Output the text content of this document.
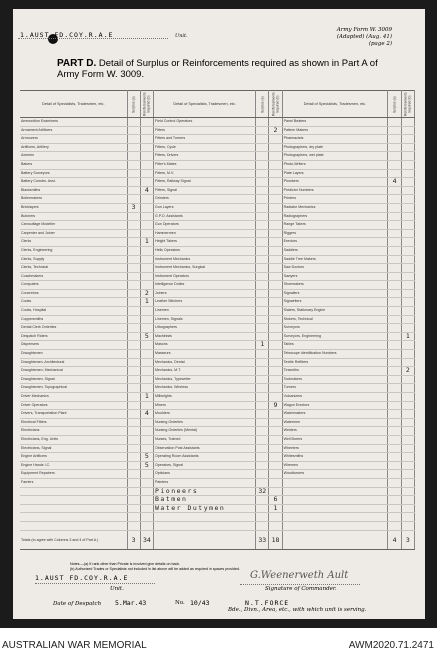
1.AUST FD.COY.R.A.E	Unit.
Army Form W. 3009
(Adapted) (Aug. 41)
(page 2)
PART D. Detail of Surplus or Reinforcements required as shown in Part A of Army Form W. 3009.
Detail of Specialists, Tradesmen, etc.	Surplus (a)	Reinforcements required (b)	Detail of Specialists, Tradesmen, etc.	Surplus (a)	Reinforcements required (b)	Detail of Specialists, Tradesmen, etc.	Surplus (a)	Reinforcements required (b)
Ammunition Examiners			Field Control Operators			Panel Beaters		
Armament Artificers			Fitters		2	Pattern Makers		
Armourers			Fitters and Turners			Pharmacists		
Artificers, Artillery			Fitters, Cycle			Photographers, dry plate		
Axemen			Fitters, Drivers			Photographers, wet plate		
Bakers			Fitter's Mates			Photo-Writers		
Battery Surveyors			Fitters, M.V.			Plate Layers		
Battery Comdrs. Asst.			Fitters, Railway Signal			Plumbers	4	
Blacksmiths		4	Fitters, Signal			Predictor Numbers		
Boilermakers			Grinders			Printers		
Bricklayers	3		Gun Layers			Radiator Mechanics		
Butchers			G.P.O. Assistants			Radiographers		
Camouflage Modeller			Gun Operators			Range Takers		
Carpenter and Joiner			Hammermen			Riggers		
Clerks		1	Height Takers			Erectors		
Clerks, Engineering			Hells Operators			Saddlers		
Clerks, Supply			Instrument Mechanics			Saddle Tree Makers		
Clerks, Technical			Instrument Mechanics, Surgical			Saw Doctors		
Coachmakers			Instrument Operators			Sawyers		
Computers			Intelligence Duties			Shoemakers		
Concretors		2	Joiners			Signallers		
Cooks		1	Leather Stitchers			Signwriters		
Cooks, Hospital			Linemen			Slaters, Stationary Engine		
Coppersmiths			Linemen, Signals			Stokers, Technical		
Dental Clerk Orderlies			Lithographers			Surveyors		
Despatch Riders		5	Machinists			Surveyors, Engineering		1
Dispensers			Masons	1		Tallies		
Draughtsmen			Masseurs			Telescope Identification Numbers		
Draughtsmen, Architectural			Mechanics, Dental			Textile Refitters		
Draughtsmen, Mechanical			Mechanics, M.T.			Tinsmiths		2
Draughtsmen, Signal			Mechanics, Typewriter			Toolmakers		
Draughtsmen, Topographical			Mechanics, Wireless			Turners		
Driver Mechanics		1	Millwrights			Vulcanizers		
Driver Operators			Miners		9	Wagon Erectors		
Drivers, Transportation Plant		4	Moulders			Watchmakers		
Electrical Fitters			Nursing Orderlies			Watermen		
Electricians			Nursing Orderlies (Mental)			Welders		
Electricians, Eng. Units			Nurses, Trained			Well Borers		
Electricians, Signal			Observation Post Assistants			Wheelers		
Engine Artificers		5	Operating Room Assistants			Whitesmiths		
Engine Hands I.C.		5	Operators, Signal			Wiremen		
Equipment Repairers			Opticians			Woodturners		
Farriers			Painters					
			Pioneers	32				
			Batmen		6			
			Water Dutymen		1			

Totals (to agree with Columns 3 and 4 of Part A.)	3	34		33	18		4	3
Notes.—(a) If rank other than Private is involved give details on back.
(b) Authorized Trades or Specialists not included in list above will be added as required in spaces provided.
1.AUST FD.COY.R.A.E
Unit.
G.Weenerweth Ault
Signature of Commander.
Date of Despatch 5.Mar.43	No. 10/43	N.T.FORCE
Bde., Divn., Area, etc., with which unit is serving.
AUSTRALIAN WAR MEMORIAL	AWM2020.71.2471
